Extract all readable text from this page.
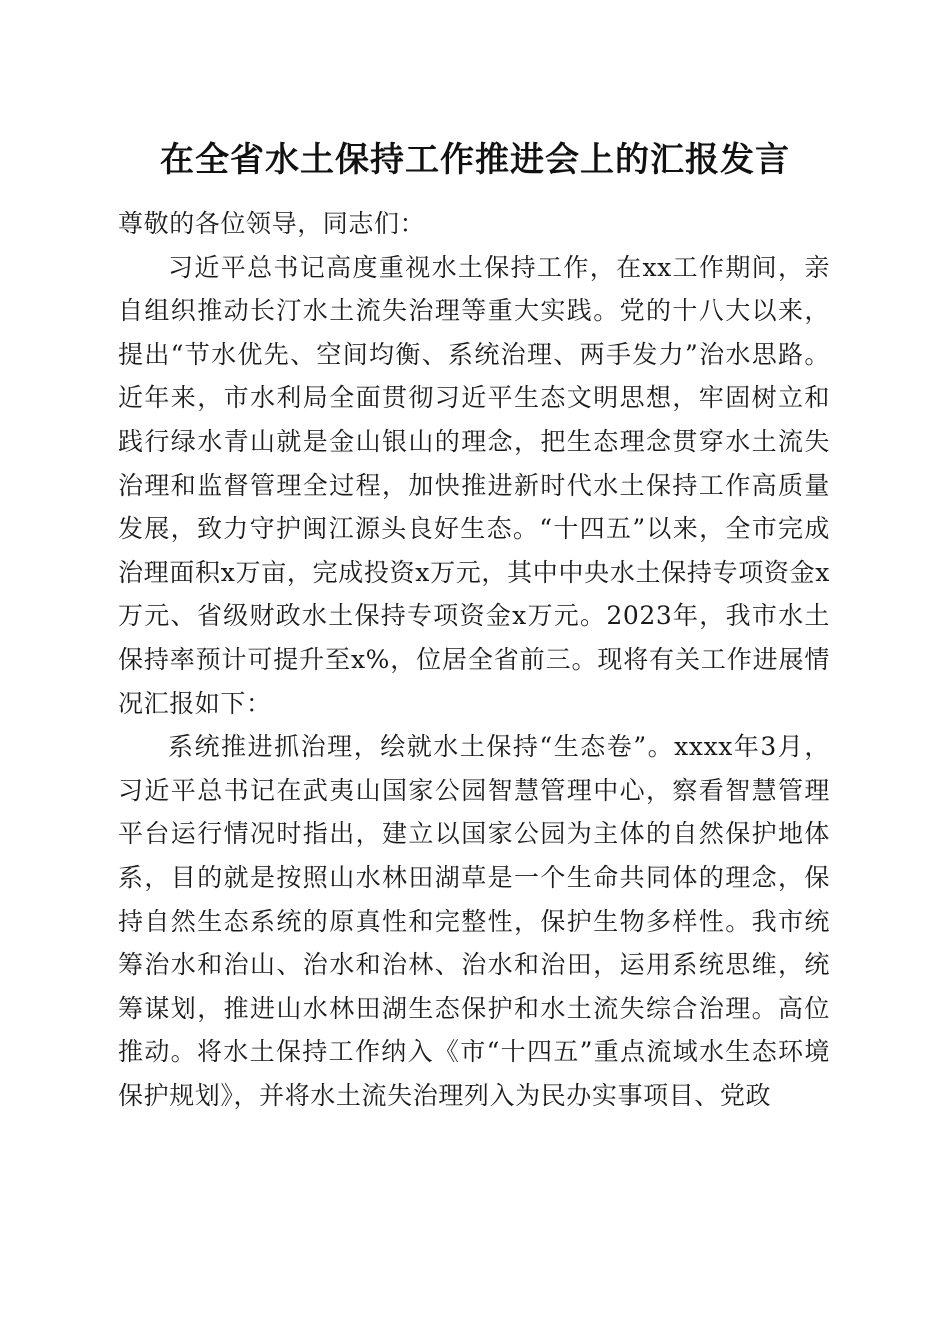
在全省水土保持工作推进会上的汇报发言

尊敬的各位领导，同志们：

习近平总书记高度重视水土保持工作，在xx工作期间，亲自组织推动长汀水土流失治理等重大实践。党的十八大以来，提出“节水优先、空间均衡、系统治理、两手发力”治水思路。近年来，市水利局全面贯彻习近平生态文明思想，牢固树立和践行绿水青山就是金山银山的理念，把生态理念贯穿水土流失治理和监督管理全过程，加快推进新时代水土保持工作高质量发展，致力守护闽江源头良好生态。“十四五”以来，全市完成治理面积x万亩，完成投资x万元，其中中央水土保持专项资金x万元、省级财政水土保持专项资金x万元。2023年，我市水土保持率预计可提升至x%，位居全省前三。现将有关工作进展情况汇报如下：

系统推进抓治理，绘就水土保持“生态卷”。xxxx年3月，习近平总书记在武夷山国家公园智慧管理中心，察看智慧管理平台运行情况时指出，建立以国家公园为主体的自然保护地体系，目的就是按照山水林田湖草是一个生命共同体的理念，保持自然生态系统的原真性和完整性，保护生物多样性。我市统筹治水和治山、治水和治林、治水和治田，运用系统思维，统筹谋划，推进山水林田湖生态保护和水土流失综合治理。高位推动。将水土保持工作纳入《市“十四五”重点流域水生态环境保护规划》，并将水土流失治理列入为民办实事项目、党政
